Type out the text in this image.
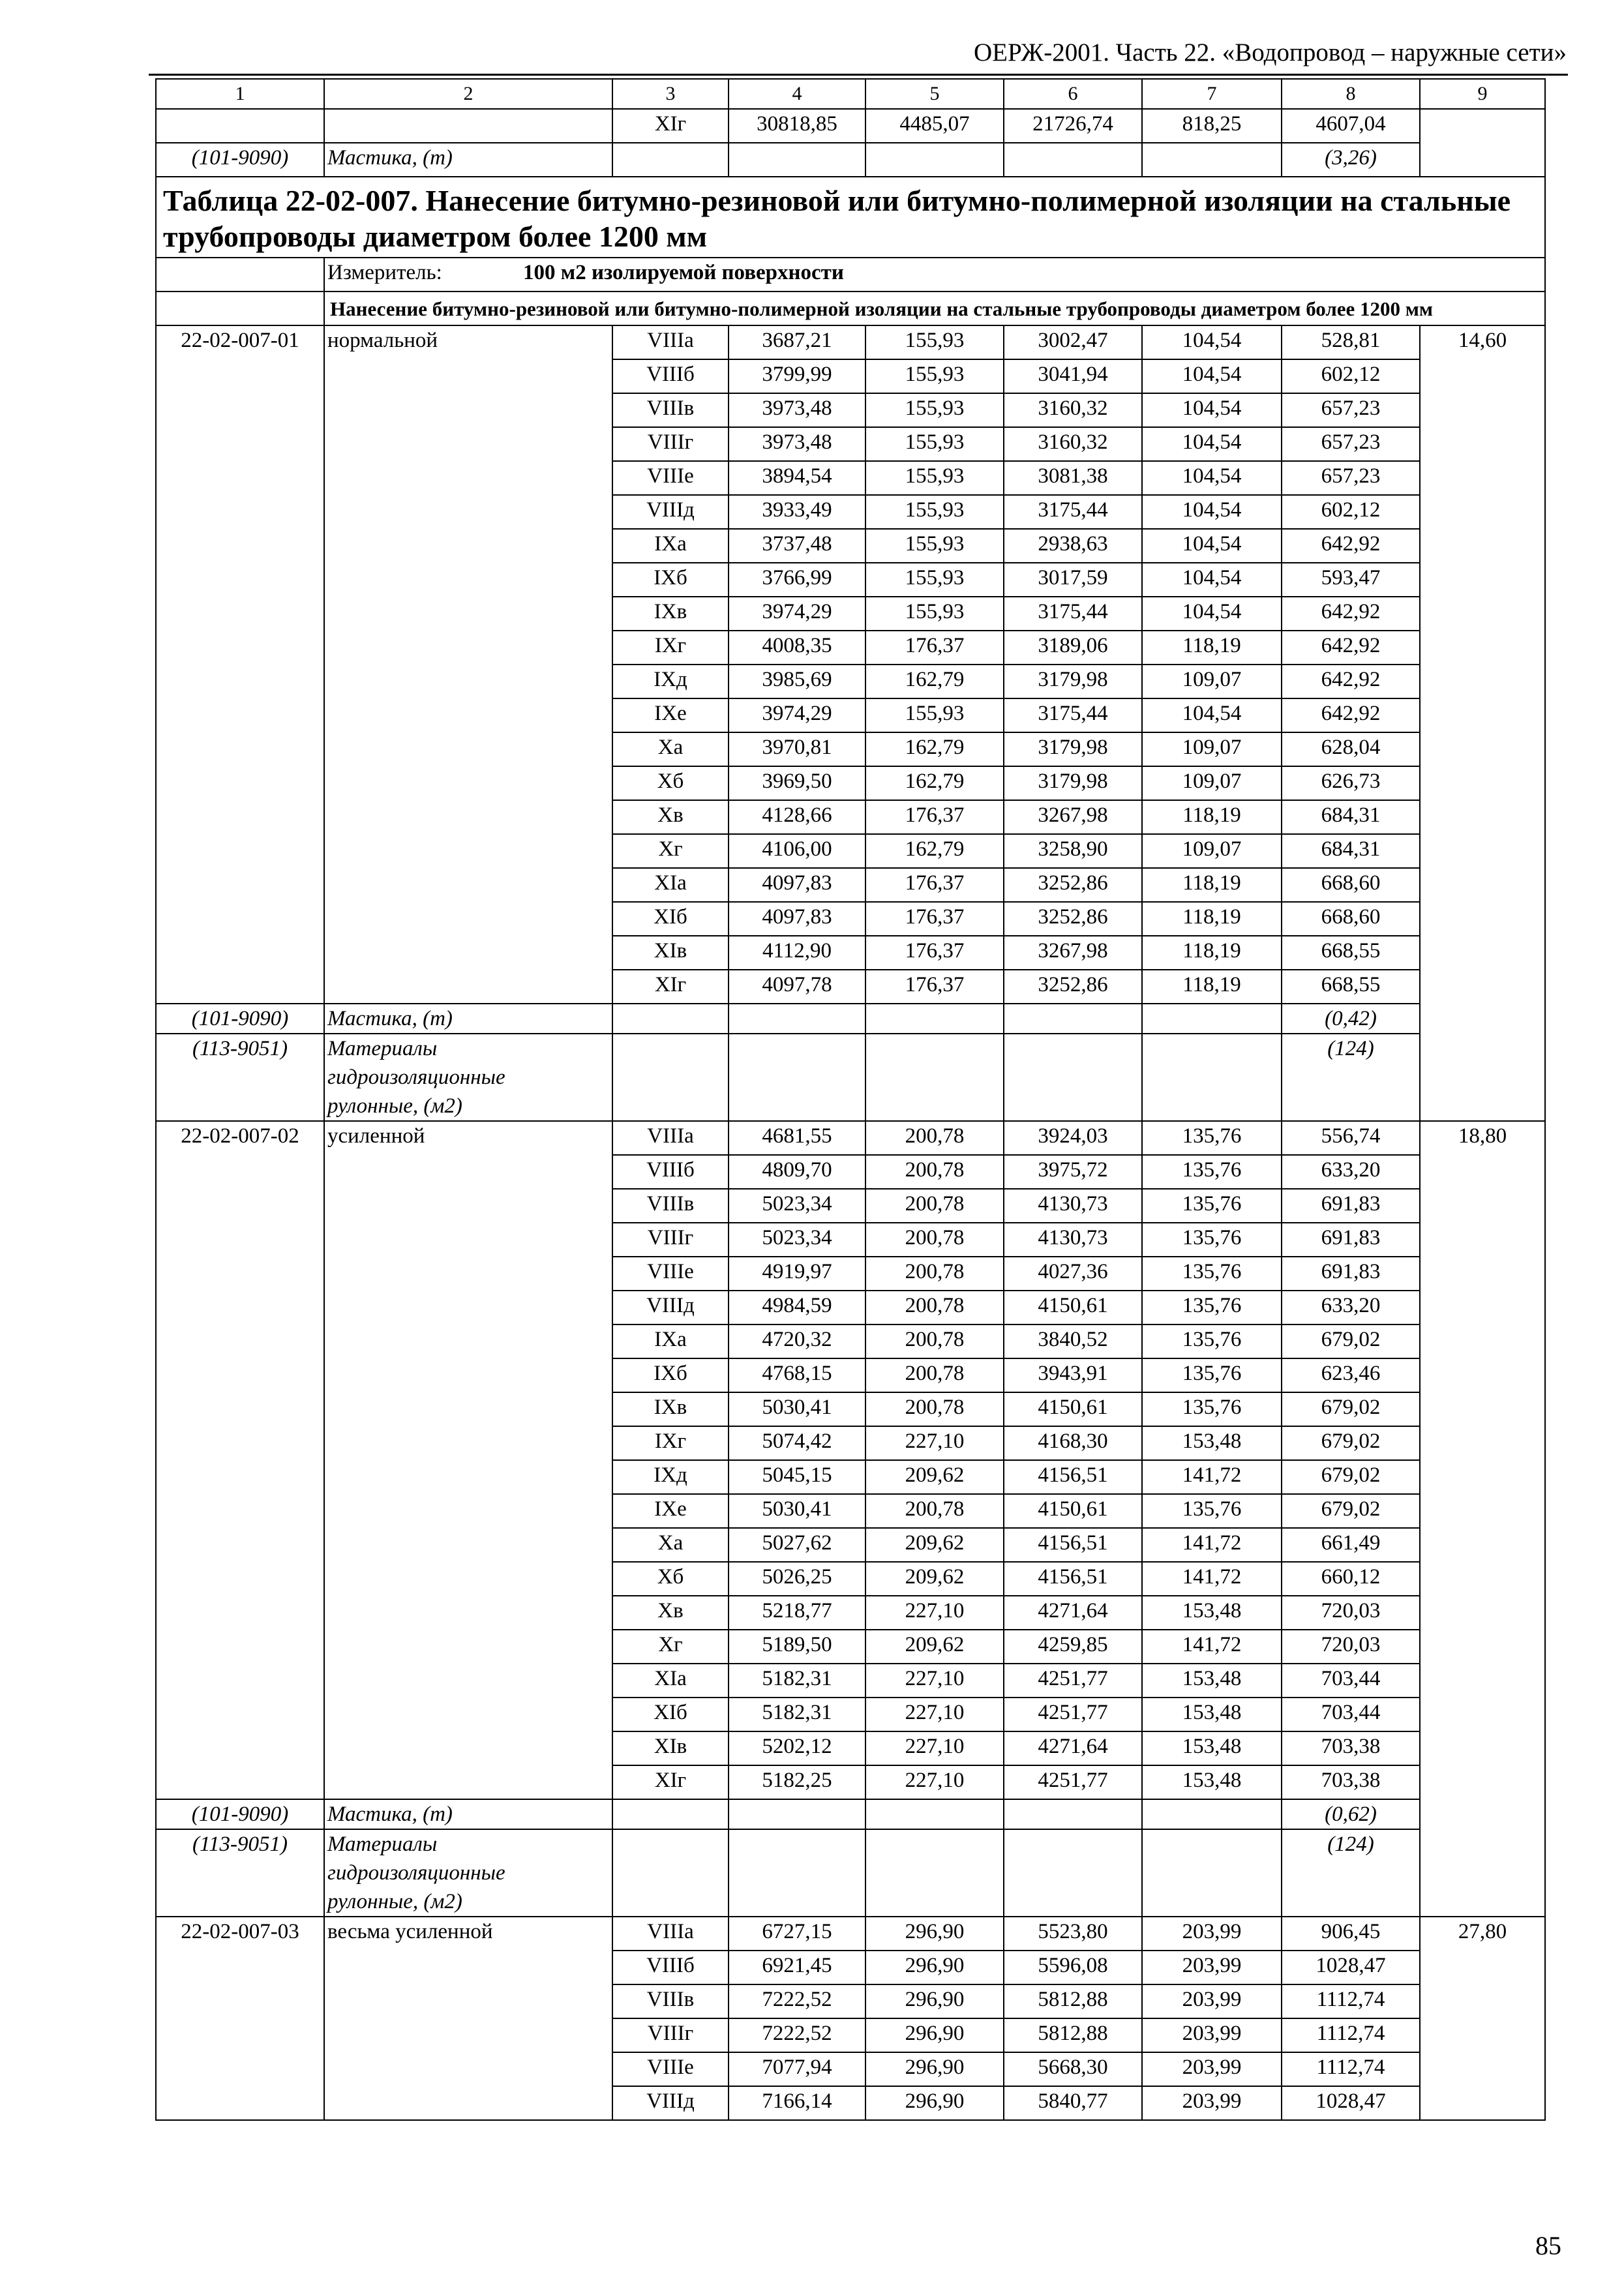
ОЕРЖ-2001. Часть 22. «Водопровод – наружные сети»
1	2	3	4	5	6	7	8	9
		XIг	30818,85	4485,07	21726,74	818,25	4607,04	
(101-9090)	Мастика, (т)						(3,26)	
Таблица 22-02-007. Нанесение битумно-резиновой или битумно-полимерной изоляции на стальные трубопроводы диаметром более 1200 мм								
	Измеритель: 100 м2 изолируемой поверхности							
	Нанесение битумно-резиновой или битумно-полимерной изоляции на стальные трубопроводы диаметром более 1200 мм							
22-02-007-01	нормальной	VIIIа	3687,21	155,93	3002,47	104,54	528,81	14,60
		VIIIб	3799,99	155,93	3041,94	104,54	602,12	
		VIIIв	3973,48	155,93	3160,32	104,54	657,23	
		VIIIг	3973,48	155,93	3160,32	104,54	657,23	
		VIIIе	3894,54	155,93	3081,38	104,54	657,23	
		VIIIд	3933,49	155,93	3175,44	104,54	602,12	
		IXа	3737,48	155,93	2938,63	104,54	642,92	
		IXб	3766,99	155,93	3017,59	104,54	593,47	
		IXв	3974,29	155,93	3175,44	104,54	642,92	
		IXг	4008,35	176,37	3189,06	118,19	642,92	
		IXд	3985,69	162,79	3179,98	109,07	642,92	
		IXе	3974,29	155,93	3175,44	104,54	642,92	
		Xа	3970,81	162,79	3179,98	109,07	628,04	
		Xб	3969,50	162,79	3179,98	109,07	626,73	
		Xв	4128,66	176,37	3267,98	118,19	684,31	
		Xг	4106,00	162,79	3258,90	109,07	684,31	
		XIа	4097,83	176,37	3252,86	118,19	668,60	
		XIб	4097,83	176,37	3252,86	118,19	668,60	
		XIв	4112,90	176,37	3267,98	118,19	668,55	
		XIг	4097,78	176,37	3252,86	118,19	668,55	
(101-9090)	Мастика, (т)						(0,42)	
(113-9051)	Материалы гидроизоляционные рулонные, (м2)						(124)	
22-02-007-02	усиленной	VIIIа	4681,55	200,78	3924,03	135,76	556,74	18,80
		VIIIб	4809,70	200,78	3975,72	135,76	633,20	
		VIIIв	5023,34	200,78	4130,73	135,76	691,83	
		VIIIг	5023,34	200,78	4130,73	135,76	691,83	
		VIIIе	4919,97	200,78	4027,36	135,76	691,83	
		VIIIд	4984,59	200,78	4150,61	135,76	633,20	
		IXа	4720,32	200,78	3840,52	135,76	679,02	
		IXб	4768,15	200,78	3943,91	135,76	623,46	
		IXв	5030,41	200,78	4150,61	135,76	679,02	
		IXг	5074,42	227,10	4168,30	153,48	679,02	
		IXд	5045,15	209,62	4156,51	141,72	679,02	
		IXе	5030,41	200,78	4150,61	135,76	679,02	
		Xа	5027,62	209,62	4156,51	141,72	661,49	
		Xб	5026,25	209,62	4156,51	141,72	660,12	
		Xв	5218,77	227,10	4271,64	153,48	720,03	
		Xг	5189,50	209,62	4259,85	141,72	720,03	
		XIа	5182,31	227,10	4251,77	153,48	703,44	
		XIб	5182,31	227,10	4251,77	153,48	703,44	
		XIв	5202,12	227,10	4271,64	153,48	703,38	
		XIг	5182,25	227,10	4251,77	153,48	703,38	
(101-9090)	Мастика, (т)						(0,62)	
(113-9051)	Материалы гидроизоляционные рулонные, (м2)						(124)	
22-02-007-03	весьма усиленной	VIIIа	6727,15	296,90	5523,80	203,99	906,45	27,80
		VIIIб	6921,45	296,90	5596,08	203,99	1028,47	
		VIIIв	7222,52	296,90	5812,88	203,99	1112,74	
		VIIIг	7222,52	296,90	5812,88	203,99	1112,74	
		VIIIе	7077,94	296,90	5668,30	203,99	1112,74	
		VIIIд	7166,14	296,90	5840,77	203,99	1028,47	
85
